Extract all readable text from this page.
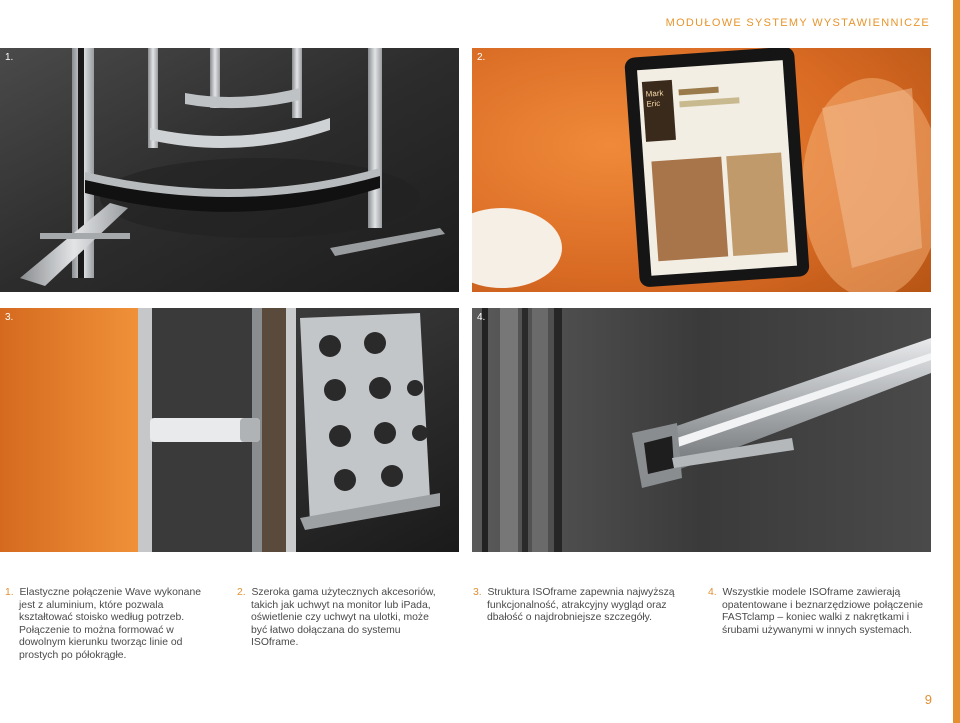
MODUŁOWE SYSTEMY WYSTAWIENNICZE
1.
Mark
Eric
2.
3.	4.
1. Elastyczne połączenie Wave wykonane jest z aluminium, które pozwala kształtować stoisko według potrzeb. Połączenie to można formować w dowolnym kierunku tworząc linie od prostych po półokrągłe.
2. Szeroka gama użytecznych akcesoriów, takich jak uchwyt na monitor lub iPada, oświetlenie czy uchwyt na ulotki, może być łatwo dołączana do systemu ISOframe.
3. Struktura ISOframe zapewnia najwyższą funkcjonalność, atrakcyjny wygląd oraz dbałość o najdrobniejsze szczegóły.
4. Wszystkie modele ISOframe zawierają opatentowane i beznarzędziowe połączenie FASTclamp – koniec walki z nakrętkami i śrubami używanymi w innych systemach.
9
